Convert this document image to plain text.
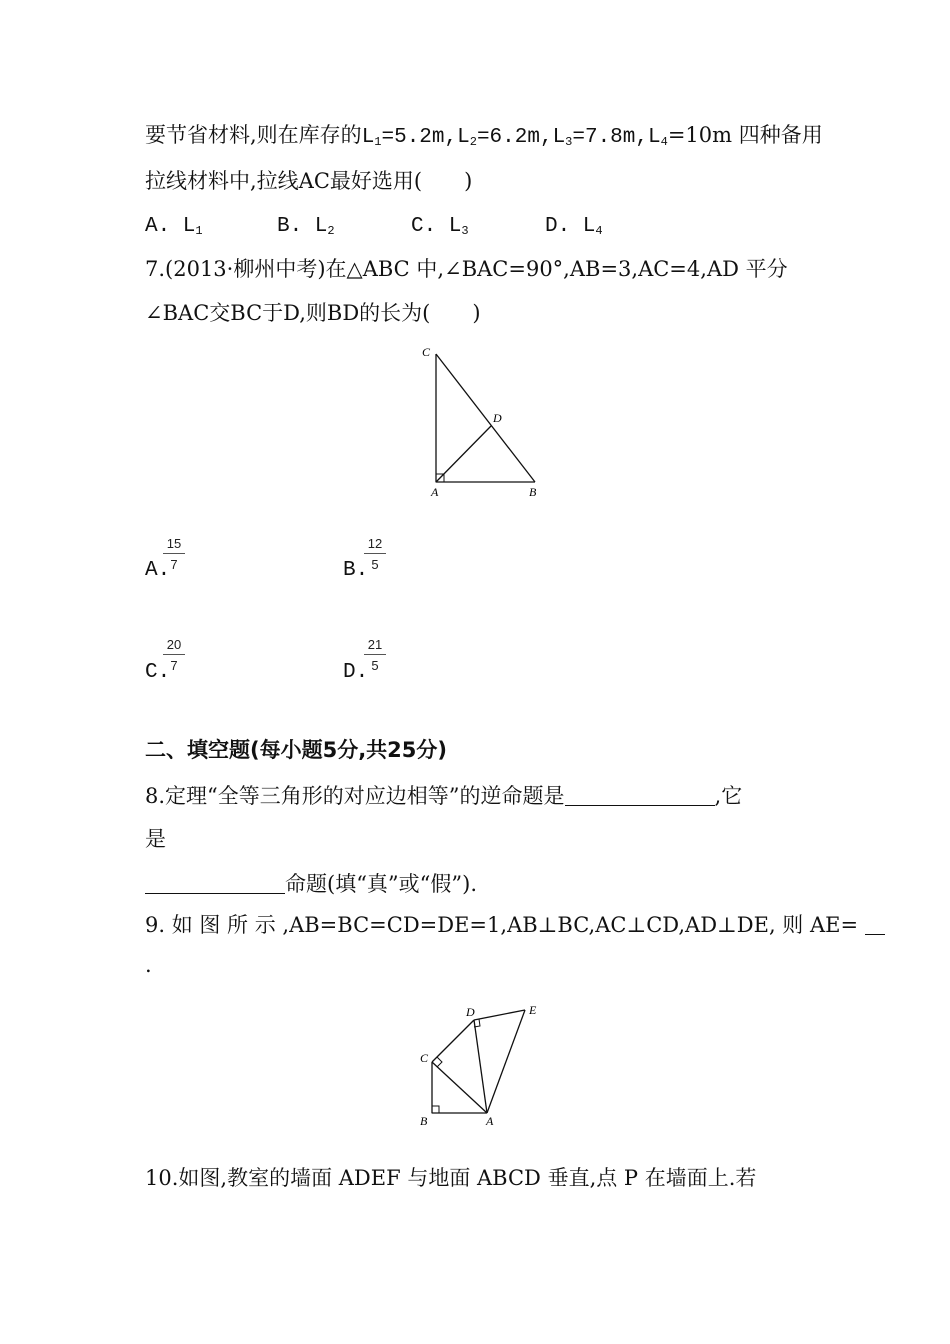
要节省材料,则在库存的$L_1=5.2m,L_2=6.2m,L_3=7.8m,L_4=10m$ 四种备用
拉线材料中,拉线AC最好选用(　　)
A. $L_1$	B. $L_2$	C. $L_3$	D. $L_4$
7.(2013·柳州中考)在△ABC 中,∠BAC=90°,AB=3,AC=4,AD 平分
∠BAC交BC于D,则BD的长为(　　)
C
D
A	B
A.
$\frac{15}{7}$	B.
$\frac{12}{5}$
C.
$\frac{20}{7}$	D.
$\frac{21}{5}$
二、填空题(每小题5分,共25分)
8.定理“全等三角形的对应边相等”的逆命题是	,它
是
命题(填“真”或“假”).
9. 如 图 所 示 ,AB=BC=CD=DE=1,AB⊥BC,AC⊥CD,AD⊥DE, 则 AE=
.
D	E
C
B	A
10.如图,教室的墙面 ADEF 与地面 ABCD 垂直,点 P 在墙面上.若
